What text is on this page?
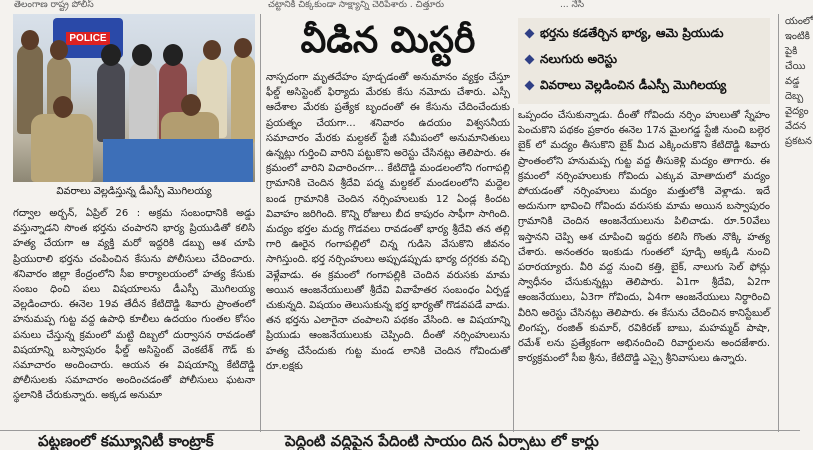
తెలంగాణ రాష్ట్ర పోలీస్	చట్టానికి చిక్కకుండా సాక్ష్యాన్ని చెరిపేశారు . చిత్తూరు	... నేసీ
POLICE
వివరాలు వెల్లడిస్తున్న డీఎస్పీ మొగిలయ్య

గద్వాల అర్బన్, ఏప్రిల్ 26 : అక్రమ సంబంధానికి అడ్డు వస్తున్నాడని సొంత భర్తను చంపారని భార్య ప్రియుడితో కలిసి హత్య చేయగా ఆ వ్యక్తి మరో ఇద్దరికి డబ్బు ఆశ చూపి ప్రియురాలి భర్తను చంపించిన కేసును పోలీసులు చేదించారు. శనివారం జిల్లా కేంద్రంలోని సీఐ కార్యాలయంలో హత్య కేసుకు సంబం ధించి పలు విషయాలను డీఎస్పీ మొగిలయ్య వెల్లడించారు. ఈనెల 19వ తేదీన కేటిదొడ్డి శివారు ప్రాంతంలో హనుమప్ప గుట్ట వద్ద ఉపాధి కూలీలు ఉదయం గుంతల కోసం పనులు చేస్తున్న క్రమంలో మట్టి దిబ్బలో దుర్వాసన రావడంతో విషయాన్ని బస్వాపురం ఫీల్డ్ అసిస్టెంట్ వెంకటేశ్ గౌడ్ కు సమాచారం అందించారు. ఆయన ఈ విషయాన్ని కేటిదొడ్డి పోలీసులకు సమాచారం అందించడంతో పోలీసులు ఘటనా స్థలానికి చేరుకున్నారు. అక్కడ అనుమా

వీడిన మిస్టరీ

నాస్పదంగా మృతదేహం పూడ్చడంతో అనుమానం వ్యక్తం చేస్తూ ఫీల్డ్ అసిస్టెంట్ ఫిర్యాదు మేరకు కేసు నమోదు చేశారు. ఎస్పీ ఆదేశాల మేరకు ప్రత్యేక బృందంతో ఈ కేసును చేదించేందుకు ప్రయత్నం చేయగా... శనివారం ఉదయం విశ్వసనీయ సమాచారం మేరకు మల్దకల్ స్టేజీ సమీపంలో అనుమానితులు ఉన్నట్లు గుర్తించి వారిని పట్టుకొని అరెస్టు చేసినట్లు తెలిపారు. ఈ క్రమంలో వారిని విచారించగా... కేటిదొడ్డి మండలంలోని గంగాపల్లి గ్రామానికి చెందిన శ్రీదేవి పద్మ మల్దకల్ మండలంలోని మద్దెల బండ గ్రామానికి చెందిన నర్సింహులుకు 12 ఏండ్ల కిందట వివాహం జరిగింది. కొన్ని రోజులు బీద కాపురం సాఫీగా సాగింది. మద్యం భర్తల మద్య గొడవలు రావడంతో భార్య శ్రీదేవి తన తల్లి గారి ఊరైన గంగాపల్లిలో చిన్న గుడిసె వేసుకొని జీవనం సాగిస్తుంది. భర్త నర్సింహులు అప్పుడప్పుడు భార్య దగ్గరకు వచ్చి వెళ్లేవాడు. ఈ క్రమంలో గంగాపల్లికి చెందిన వరుసకు మామ అయిన ఆంజనేయులుతో శ్రీదేవి వివాహేతర సంబంధం ఏర్పడ్డ చుకున్నది. విషయం తెలుసుకున్న భర్త భార్యతో గొడవపడే వాడు. తన భర్తను ఎలాగైనా చంపాలని పథకం వేసింది. ఆ విషయాన్ని ప్రియుడు ఆంజనేయులుకు చెప్పింది. దీంతో నర్సింహులును హత్య చేసేందుకు గుట్ట మండ లానికి చెందిన గోవిందుతో రూ.లక్షకు

భర్తను కడతేర్చిన భార్య, ఆమె ప్రియుడు
నలుగురు అరెస్టు
వివరాలు వెల్లడించిన డీఎస్పీ మొగిలయ్య

ఒప్పందం చేసుకున్నాడు. దీంతో గోవిందు నర్సిం హులుతో స్నేహం పెంచుకొని పథకం ప్రకారం ఈనెల 17న మైలగడ్డ స్టేజీ నుంచి బల్గెర బైక్ లో మద్యం తీసుకొని బైక్ మీద ఎక్కించుకొని కేటిదొడ్డి శివారు ప్రాంతంలోని హనుమప్ప గుట్ట వద్ద తీసుకెళ్లి మద్యం తాగారు. ఈ క్రమంలో నర్సింహులుకు గోవిందు ఎక్కువ మోతాదులో మద్యం పోయడంతో నర్సింహులు మద్యం మత్తులోకి వెళ్లాడు. ఇదే అదునుగా భావించి గోవిందు వరుసకు మామ అయిన బస్వాపురం గ్రామానికి చెందిన ఆంజనేయులును పిలిచాడు. రూ.50వేలు ఇస్తానని చెప్పి ఆశ చూపించి ఇద్దరు కలిసి గొంతు నొక్కి హత్య చేశారు. అనంతరం ఇంకుడు గుంతలో పూడ్చి అక్కడి నుంచి పరారయ్యారు. వీరి వద్ద నుంచి కత్తి, బైక్, నాలుగు సెల్ ఫోన్లు స్వాధీనం చేసుకున్నట్లు తెలిపారు. ఏ1గా శ్రీదేవి, ఏ2గా ఆంజనేయులు, ఏ3గా గోవిందు, ఏ4గా ఆంజనేయులు నిర్ధారించి వీరిని అరెస్టు చేసినట్లు తెలిపారు. ఈ కేసును చేదించిన కానిస్టేబుల్ లింగప్ప, రంజిత్ కుమార్, రవికిరణ్ బాబు, మహమ్మద్ పాషా, రమేశ్ లను ప్రత్యేకంగా అభినందించి రివార్డులను అందజేశారు. కార్యక్రమంలో సీఐ శ్రీను, కేటిదొడ్డి ఎస్సై శ్రీనివాసులు ఉన్నారు.

యంలో ఇంటికి పైకి చేయి వడ్డ దెబ్బ వైద్యం వేదన ప్రకటన
పట్టణంలో కమ్యూనిటీ కాంట్రాక్	పెద్దింటి వద్దిపైన పేదింటి సాయం దిన ఏర్పాటు లో కార్లు
